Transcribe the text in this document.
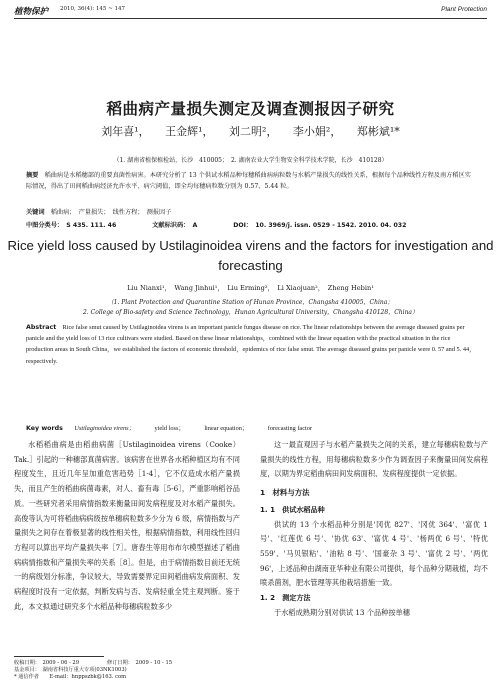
植物保护 2010, 36(4): 145 ~ 147	Plant Protection
稻曲病产量损失测定及调查测报因子研究
刘年喜¹， 王金辉¹， 刘二明²， 李小娟²， 郑彬斌¹*
（1. 湖南省植保植检站，长沙　410005；　2. 湖南农业大学生物安全科学技术学院，长沙　410128）
摘要　 稻曲病是水稻穗部的重要真菌性病害。本研究分析了 13 个供试水稻品种每穗稻曲病病粒数与水稻产量损失的线性关系，根据每个品种线性方程及南方稻区实际情况，得出了田间稻曲病经济允许水平、病穴阈值，即全均每穗病粒数分别为 0.57、5.44 粒。
关键词　 稻曲病；　产量损失；　线性方程；　测报因子
中图分类号：　S 435. 111. 46	文献标识码：　A	DOI：　10. 3969/j. issn. 0529 - 1542. 2010. 04. 032
Rice yield loss caused by Ustilaginoidea virens and the factors for investigation and forecasting
Liu Nianxi¹，　Wang Jinhui¹，　Liu Erming²，　Li Xiaojuan²，　Zheng Hebin¹
（1. Plant Protection and Quarantine Station of Hunan Province，Changsha 410005，China；
2. College of Bio-safety and Science Technology，Hunan Agricultural University，Changsha 410128，China）
Abstract　 Rice false smut caused by Ustilaginoidea virens is an important panicle fungus disease on rice. The linear relationships between the average diseased grains per panicle and the yield loss of 13 rice cultivars were studied. Based on these linear relationships，combined with the linear equation with the practical situation in the rice production areas in South China，we established the factors of economic threshold，epidemics of rice false smut. The average diseased grains per panicle were 0. 57 and 5. 44，respectively.
Key words Ustilaginoidea virens；	yield loss；	linear equation；	forecasting factor

水稻稻曲病是由稻曲病菌［Ustilaginoidea virens（Cooke）Tak.］引起的一种穗部真菌病害。该病害在世界各水稻种植区均有不同程度发生，且近几年呈加重危害趋势［1-4］，它不仅造成水稻产量损失，而且产生的稻曲病菌毒素，对人、畜有毒［5-6］，严重影响稻谷品质。一些研究者采用病情指数来衡量田间发病程度及对水稻产量损失。高俊等认为可将稻曲病病级按单穗病粒数多少分为 6 级，病情指数与产量损失之间存在着极显著的线性相关性，根据病情指数，利用线性回归方程可以算出平均产量损失率［7］。唐春生等用布布尔模型描述了稻曲病病情指数和产量损失率的关系［8］。但是，由于病情指数目前还无统一的病级划分标准，争议较大，导致需要界定田间稻曲病发病面积、发病程度时没有一定依据，判断发病与否、发病轻重全凭主观判断。鉴于此，本文拟通过研究多个水稻品种每穗病粒数多少

这一最直观因子与水稻产量损失之间的关系，建立每穗病粒数与产量损失的线性方程，用每穗病粒数多少作为调查因子来衡量田间发病程度，以期为界定稻曲病田间发病面积、发病程度提供一定依据。

1　材料与方法
1. 1　供试水稻品种

供试的 13 个水稻品种分别是'冈优 827'、'冈优 364'、'富优 1 号'、'红莲优 6 号'、'协优 63'、'富优 4 号'、'杨两优 6 号'、'特优 559'、'马贝银粘'、'油粘 8 号'、'国豪杂 3 号'、'富优 2 号'、'两优 96'，上述品种由湖南亚华种业有限公司提供，每个品种分期栽植，均不喷杀菌剂，肥水管理等其他栽培措施一致。

1. 2　测定方法

于水稻成熟期分别对供试 13 个品种按单穗

收稿日期：　2009 - 06 - 29	修订日期：　2009 - 10 - 15
基金项目：　湖南省科技厅重大专项(03NK1003)
* 通信作者　　E-mail：hnppszbk@163. com
